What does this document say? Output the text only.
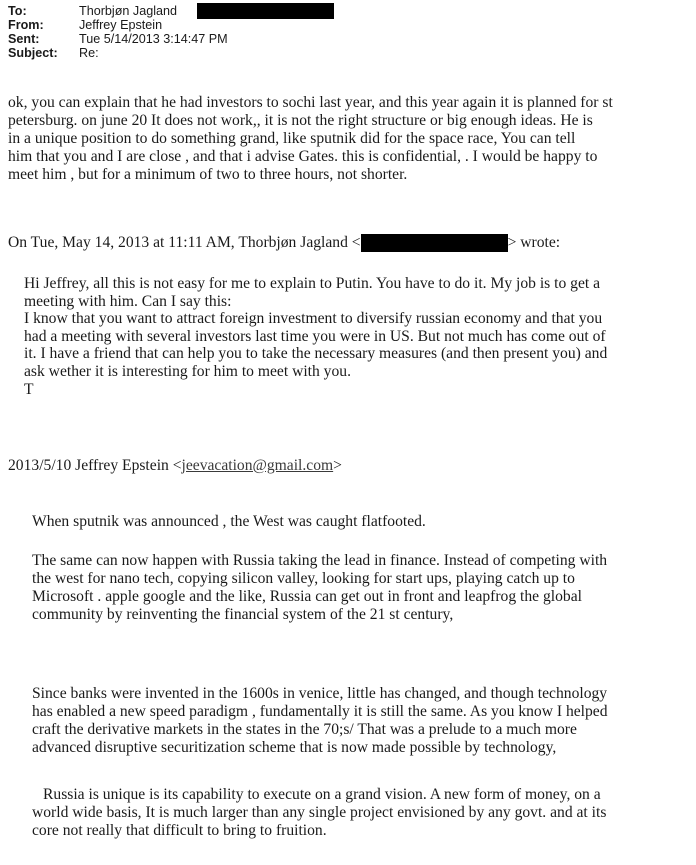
To:	Thorbjøn Jagland
From:	Jeffrey Epstein
Sent:	Tue 5/14/2013 3:14:47 PM
Subject: Re:
ok, you can explain that he had investors to sochi last year, and this year again it is planned for st
petersburg. on june 20 It does not work,, it is not the right structure or big enough ideas. He is
in a unique position to do something grand, like sputnik did for the space race, You can tell
him that you and I are close , and that i advise Gates. this is confidential, . I would be happy to
meet him , but for a minimum of two to three hours, not shorter.
On Tue, May 14, 2013 at 11:11 AM, Thorbjøn Jagland <	> wrote:
Hi Jeffrey, all this is not easy for me to explain to Putin. You have to do it. My job is to get a
meeting with him. Can I say this:
I know that you want to attract foreign investment to diversify russian economy and that you
had a meeting with several investors last time you were in US. But not much has come out of
it. I have a friend that can help you to take the necessary measures (and then present you) and
ask wether it is interesting for him to meet with you.
T
2013/5/10 Jeffrey Epstein <jeevacation@gmail.com>
When sputnik was announced , the West was caught flatfooted.
The same can now happen with Russia taking the lead in finance. Instead of competing with
the west for nano tech, copying silicon valley, looking for start ups, playing catch up to
Microsoft . apple google and the like, Russia can get out in front and leapfrog the global
community by reinventing the financial system of the 21 st century,
Since banks were invented in the 1600s in venice, little has changed, and though technology
has enabled a new speed paradigm , fundamentally it is still the same. As you know I helped
craft the derivative markets in the states in the 70;s/ That was a prelude to a much more
advanced disruptive securitization scheme that is now made possible by technology,
Russia is unique is its capability to execute on a grand vision. A new form of money, on a
world wide basis, It is much larger than any single project envisioned by any govt. and at its
core not really that difficult to bring to fruition.
